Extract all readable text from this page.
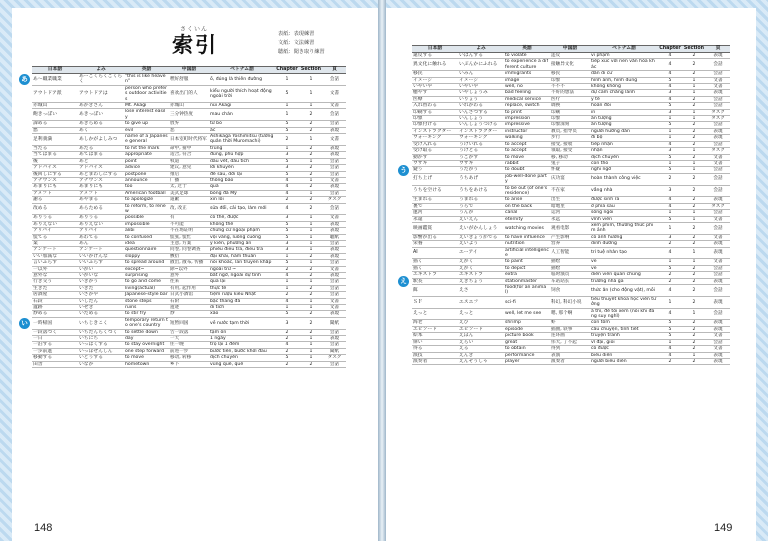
さくいん
索引	表紙：表現練習
文紙：文法練習
聴紙：聞き取り練習
日本語	よみ	英語	中国語	ベトナム語	Chapter	Section	頁
あ～職業職業	あーごくらくごくらく	"this is like heaven"	嘿好舒服	ồ, đúng là thiên đường	1	1	会話
アウトドア派	アウトドアは	person who prefers outdoor activities	喜欢出门的人	kiểu người thích hoạt động ngoài trời	5	1	文書
赤城山	あかぎさん	Mt. Akagi	赤城山	núi Akagi	1	1	文書
飽きっぽい	あきっぽい	lose interest easily	三分钟热度	mau chán	1	2	会話
諦める	あきらめる	to give up	放弃	từ bỏ	5	2	会話
悪	あく	evil	恶	ác	5	2	表現
足利義満	あしかがよしみつ	name of a Japanese general	日本室町时代将军	Ashikaga Yoshimitsu (tướng quân thời Muromachi)	2	1	文書
当たる	あたる	to hit the mark	命中, 猜中	trúng	1	2	表現
当てはまる	あてはまる	appropriate	适合, 符合	đúng, phù hợp	3	2	表現
後	あと	point	权道	dấu vết, dấu tích	5	1	会話
アドバイス	アドバイス	advice	建议, 意见	lời khuyên	3	2	会話
後回しにする	あとまわしにする	postpone	推后	để sau, dời lại	5	2	会話
アナウンス	アナウンス	announce	广播	thông báo	4	1	文書
あまりにも	あまりにも	too	太, 过于	quá	4	2	表現
アメフト	アメフト	American football	美式足球	bóng đá Mỹ	4	1	会話
謝る	あやまる	to apologize	道歉	xin lỗi	2	2	タスク
改める	あらためる	to reform, to renew	改, 改正	sửa đổi, cải tạo, làm mới	4	2	会話
ありうる	ありうる	possible	有	có thể, được	3	1	文書
ありえない	ありえない	impossible	不可能	không thể	5	1	表現
アリバイ	アリバイ	alibi	不在场证明	chứng cứ ngoại phạm	5	1	表現
慌てる	あわてる	to confused	慌张, 慌忙	vội vàng, luống cuống	5	1	聴紙
案	あん	idea	主意, 方案	ý kiến, phương án	3	1	会話
アンケート	アンケート	questionnaire	问卷, 问卷调查	phiếu điều tra, điều tra	3	1	表現
いい加減な	いいかげんな	sloppy	敷衍	đại khái, hàm thuẫn	1	2	表現
言いふらす	いいふらす	to spread around	散出, 散布, 传播	nói khoác, lan truyền khắp	5	1	会話
一以外	いがい	except~	除~以外	ngoài trừ ~	2	2	文書
意外な	いがいな	surprising	意外	bất ngờ, ngoài dự tính	4	2	表現
行き交う	いきかう	to go and come	往来	qua lại	1	1	会話
生きた	いきた	living(actual)	有用, 起作用	thực tế	1	2	会話
居酒屋	いざかや	Japanese-style bar	日式小酒馆	tiệm rượu kiểu Nhật	2	2	会話
石段	いしだん	stone steps	石阶	bậc thang đá	4	1	文書
遺跡	いせき	ruins	遗迹	di tích	1	1	文書
炒める	いためる	to stir fry	炒	xào	5	2	表現
一時帰国	いちじきこく	temporary return to one's country	短暂回国	về nước tạm thời	3	2	聞紙
一段落つく	いちだんらくつく	to settle down	告一段落	tạm ổn	2	2	会話
一日	いちにち	day	一天	1 ngày	2	1	表現
一泊する	いっぱくする	to stay overnight	住一晚	trọ lại 1 đêm	4	1	会話
一歩前進	いっぽぜんしん	one step forward	前进一步	bước tiến, bước khởi đầu	2	1	聞紙
移動する	いどうする	to move	移动, 转移	dịch chuyển	5	1	タスク
田舎	いなか	hometown	乡下	vùng quê, quê	2	2	会話
148
あ
い
日本語	よみ	英語	中国語	ベトナム語	Chapter	Section	頁
違反する	いはんする	to violate	违反	vi phạm	4	2	表現
異文化に触れる	いぶんかにふれる	to experience a different culture	接触异文化	tiếp xúc với nền văn hóa khác	4	2	会話
移民	いみん	immigrants	移民	dân di cư	4	2	会話
イメージ	イメージ	image	印象	hình ảnh, hình dung	5	1	文書
いやいや	いやいや	well, no	不不不	không không	4	1	文書
癒やす	いやしょうみ	bad feeling	不好的想法	dự cảm chẳng lành	3	1	表現
医療	いりょう	medical service	医疗	y tế	4	2	会話
入れ替わる	いれかわる	replace, switch	调换	hoán đổi	5	2	会話
印刷する	いんさつする	to print	印刷	in	3	1	タスク
印象	いんしょう	impression	印象	ấn tượng	1	1	タスク
印象付ける	いんしょうづける	impressive	印象深刻	ấn tượng	5	2	会話
インストラクター	インストラクター	instructor	教员, 指导员	người hướng dẫn	1	2	表現
ウォーキング	ウォーキング	walking	步行	đi bộ	1	2	表現
受け入れる	うけいれる	to accept	接受, 接收	tiếp nhận	4	2	会話
受け取る	うけとる	to accept	领取, 接受	nhận	3	1	タスク
動かす	うごかす	to move	移, 移动	dịch chuyển	5	2	文書
ウサギ	ウサギ	rabbit	兔子	con thỏ	1	1	文書
疑う	うたがう	to doubt	怀疑	nghi ngờ	5	1	会話
打ち上げ	うちあげ	job-well-done party	庆功宴	hoàn thành công việc	2	2	会話
うちを空ける	うちをあける	to be out (of one's residence)	不在家	vắng nhà	3	2	会話
生まれる	うまれる	to arise	出生	được sinh ra	4	2	表現
裏で	うらで	on the back	暗地里	ở phía sau	4	2	タスク
運河	うんが	canal	运河	sông ngòi	1	1	会話
永遠	えいえん	eternity	永远	vĩnh viễn	5	1	文書
映画鑑賞	えいがかんしょう	watching movies	观看电影	xem phim, thưởng thức phim ảnh	1	2	会話
影響が出る	えいきょうがでる	to have influence	产生影响	có ảnh hưởng	3	2	文書
栄養	えいよう	nutrition	营养	dinh dưỡng	2	2	表現
AI	エーアイ	artificial intelligence	人工智能	trí tuệ nhân tạo	4	1	表現
描く	えがく	to paint	描绘	vẽ	1	1	文書
描く	えがく	to depict	描绘	vẽ	5	2	会話
エキストラ	エキストラ	extra	临时演员	diễn viên quần chúng	2	2	会話
駅長	えきちょう	stationmaster	车站站长	trưởng nhà ga	2	2	表現
餌	えさ	food(for an animal)	饲食	thức ăn (cho động vật), mồi	4	2	会話
ＳＦ	エスエフ	sci-fi	科幻, 科幻小说	tiểu thuyết khoa học viễn tưởng	1	2	表現
えっと	えっと	well, let me see	嗯, 那个啊	à thì, để tôi xem (nói khi đang suy nghĩ)	4	1	会話
海老	えび	shrimp	虾	con tôm	5	2	表現
エピソード	エピソード	episode	插曲, 轶事	câu chuyện, tình tiết	5	2	表現
絵本	えほん	picture book	连环画	truyện tranh	5	2	文書
偉い	えらい	great	伟大, 了不起	vĩ đại, giỏi	1	2	会話
得る	える	to obtain	得到	có được	4	2	文書
演技	えんぎ	performance	表演	biểu diễn	4	1	表現
演奏者	えんそうしゃ	player	演奏者	người biểu diễn	2	2	表現
149
う
え
